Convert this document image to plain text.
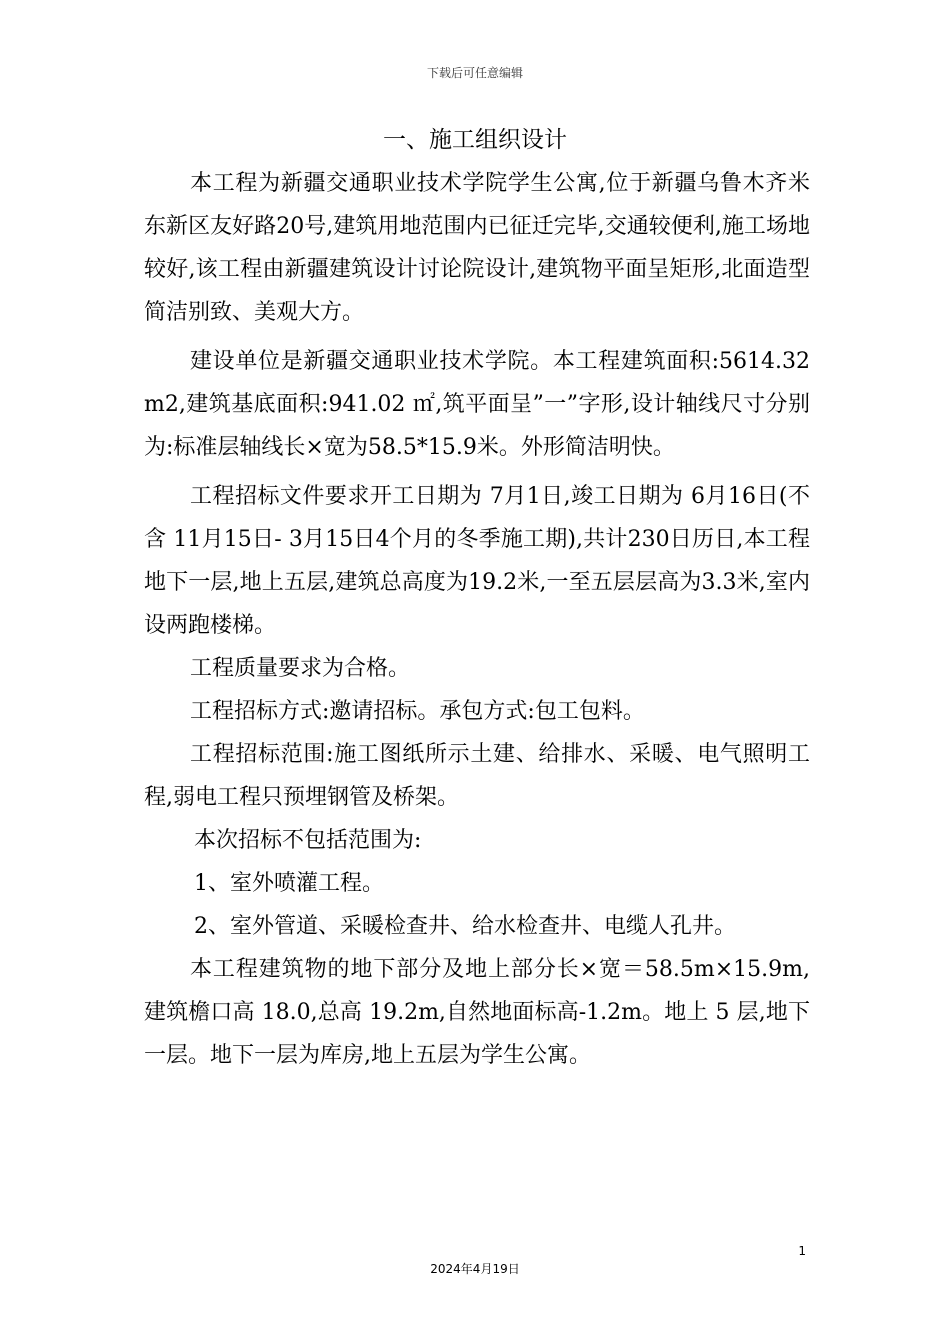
下载后可任意编辑
一、施工组织设计

本工程为新疆交通职业技术学院学生公寓,位于新疆乌鲁木齐米东新区友好路20号,建筑用地范围内已征迁完毕,交通较便利,施工场地较好,该工程由新疆建筑设计讨论院设计,建筑物平面呈矩形,北面造型简洁别致、美观大方。

建设单位是新疆交通职业技术学院。本工程建筑面积:5614.32 m2,建筑基底面积:941.02 ㎡,筑平面呈”一”字形,设计轴线尺寸分别为:标准层轴线长×宽为58.5*15.9米。外形简洁明快。

工程招标文件要求开工日期为 7月1日,竣工日期为 6月16日(不含 11月15日- 3月15日4个月的冬季施工期),共计230日历日,本工程地下一层,地上五层,建筑总高度为19.2米,一至五层层高为3.3米,室内设两跑楼梯。

工程质量要求为合格。

工程招标方式:邀请招标。承包方式:包工包料。

工程招标范围:施工图纸所示土建、给排水、采暖、电气照明工程,弱电工程只预埋钢管及桥架。

本次招标不包括范围为:

1、室外喷灌工程。

2、室外管道、采暖检查井、给水检查井、电缆人孔井。

本工程建筑物的地下部分及地上部分长×宽＝58.5m×15.9m,建筑檐口高 18.0,总高 19.2m,自然地面标高-1.2m。地上 5 层,地下一层。地下一层为库房,地上五层为学生公寓。

1
2024年4月19日
